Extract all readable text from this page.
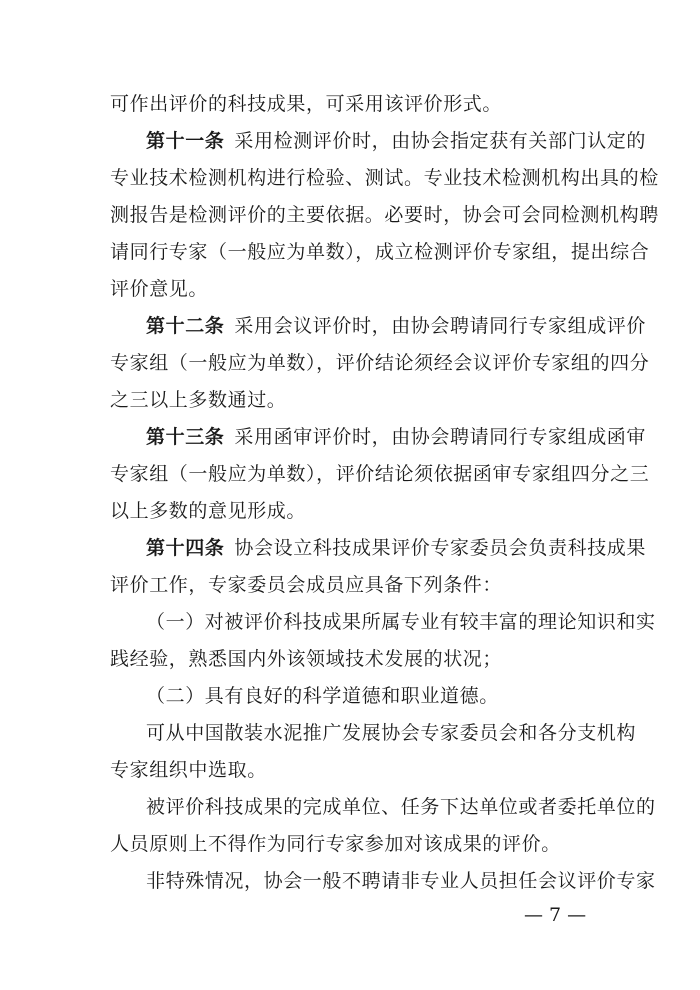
可作出评价的科技成果，可采用该评价形式。
第十一条 采用检测评价时，由协会指定获有关部门认定的
专业技术检测机构进行检验、测试。专业技术检测机构出具的检
测报告是检测评价的主要依据。必要时，协会可会同检测机构聘
请同行专家（一般应为单数），成立检测评价专家组，提出综合
评价意见。
第十二条 采用会议评价时，由协会聘请同行专家组成评价
专家组（一般应为单数），评价结论须经会议评价专家组的四分
之三以上多数通过。
第十三条 采用函审评价时，由协会聘请同行专家组成函审
专家组（一般应为单数），评价结论须依据函审专家组四分之三
以上多数的意见形成。
第十四条 协会设立科技成果评价专家委员会负责科技成果
评价工作，专家委员会成员应具备下列条件：
（一）对被评价科技成果所属专业有较丰富的理论知识和实
践经验，熟悉国内外该领域技术发展的状况；
（二）具有良好的科学道德和职业道德。
可从中国散装水泥推广发展协会专家委员会和各分支机构
专家组织中选取。
被评价科技成果的完成单位、任务下达单位或者委托单位的
人员原则上不得作为同行专家参加对该成果的评价。
非特殊情况，协会一般不聘请非专业人员担任会议评价专家
— 7 —
